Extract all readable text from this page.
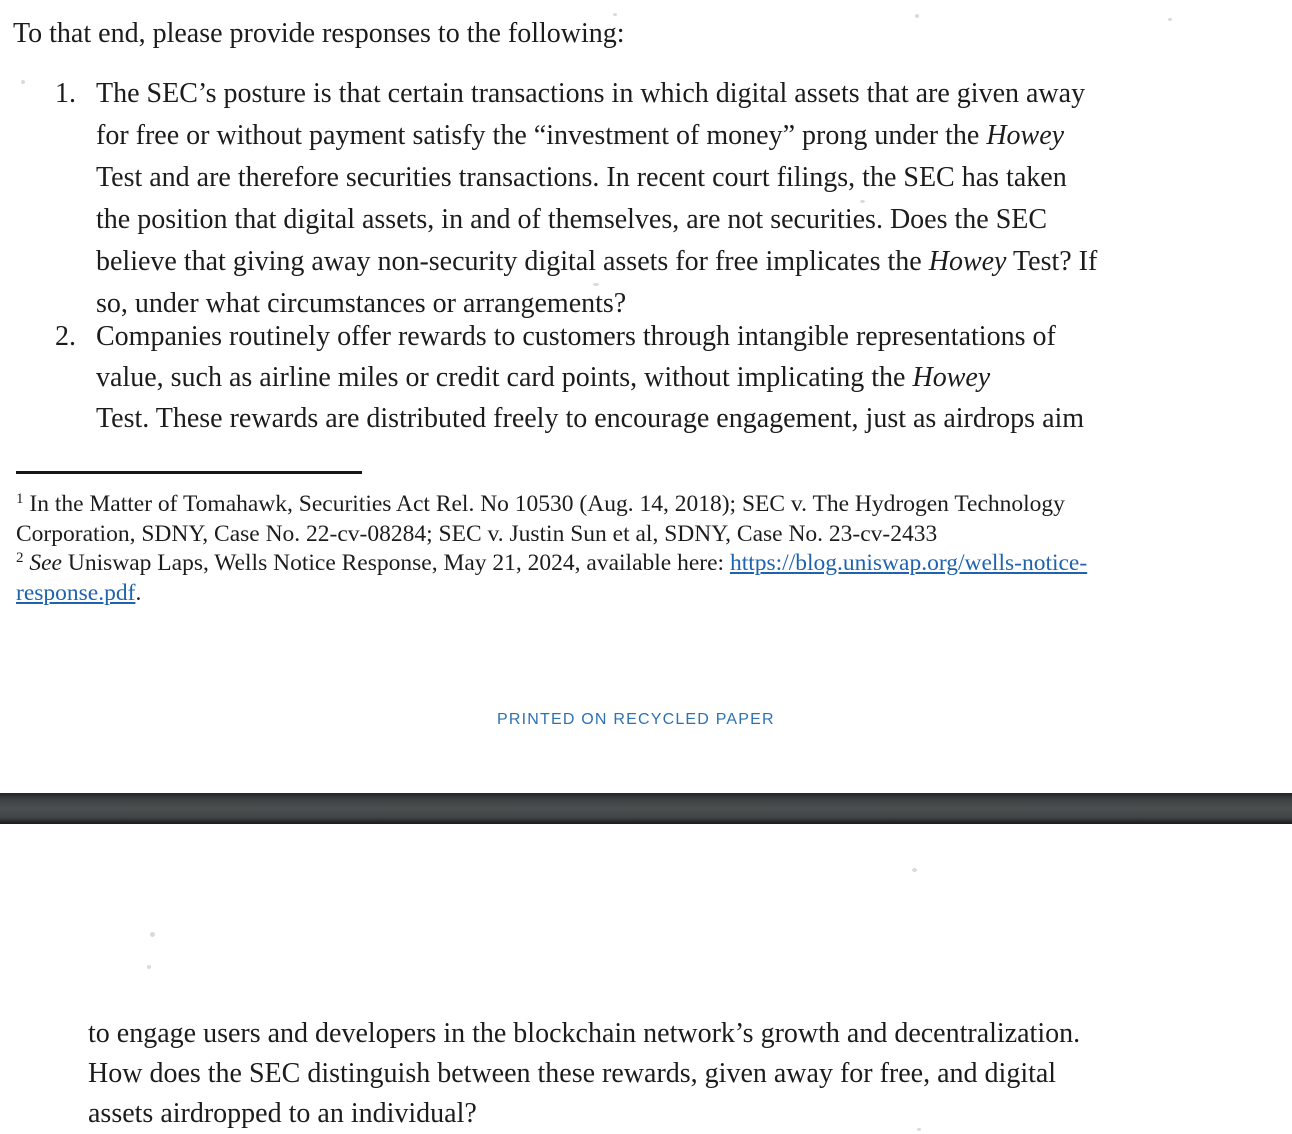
To that end, please provide responses to the following:
1. The SEC’s posture is that certain transactions in which digital assets that are given away
for free or without payment satisfy the “investment of money” prong under the Howey
Test and are therefore securities transactions. In recent court filings, the SEC has taken
the position that digital assets, in and of themselves, are not securities. Does the SEC
believe that giving away non-security digital assets for free implicates the Howey Test? If
so, under what circumstances or arrangements?
2. Companies routinely offer rewards to customers through intangible representations of
value, such as airline miles or credit card points, without implicating the Howey
Test. These rewards are distributed freely to encourage engagement, just as airdrops aim
$^1$ In the Matter of Tomahawk, Securities Act Rel. No 10530 (Aug. 14, 2018); SEC v. The Hydrogen Technology
Corporation, SDNY, Case No. 22-cv-08284; SEC v. Justin Sun et al, SDNY, Case No. 23-cv-2433
$^2$ See Uniswap Laps, Wells Notice Response, May 21, 2024, available here: https://blog.uniswap.org/wells-notice-
response.pdf.
PRINTED ON RECYCLED PAPER
to engage users and developers in the blockchain network’s growth and decentralization.
How does the SEC distinguish between these rewards, given away for free, and digital
assets airdropped to an individual?
